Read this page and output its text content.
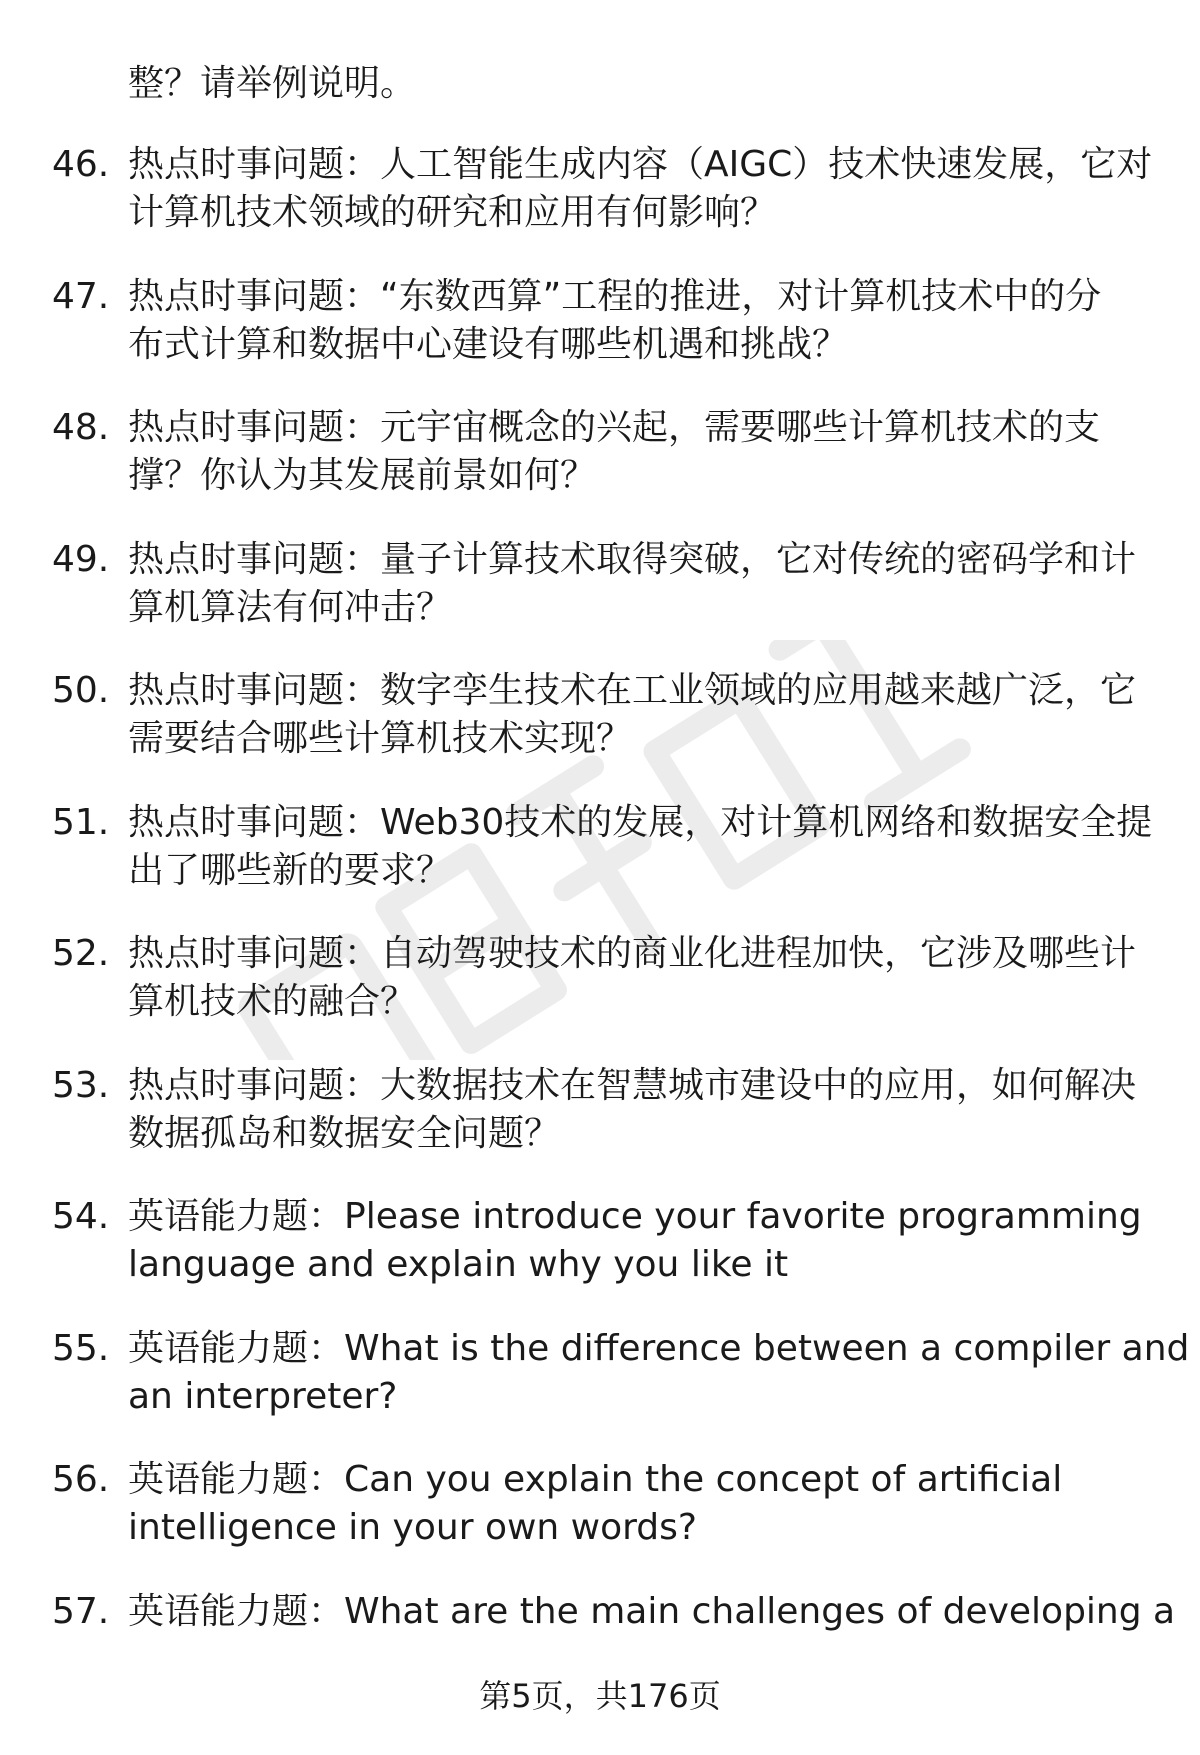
整？请举例说明。
46. 热点时事问题：人工智能生成内容（AIGC）技术快速发展，它对
计算机技术领域的研究和应用有何影响？
47. 热点时事问题：“东数西算”工程的推进，对计算机技术中的分
布式计算和数据中心建设有哪些机遇和挑战？
48. 热点时事问题：元宇宙概念的兴起，需要哪些计算机技术的支
撑？你认为其发展前景如何？
49. 热点时事问题：量子计算技术取得突破，它对传统的密码学和计
算机算法有何冲击？
50. 热点时事问题：数字孪生技术在工业领域的应用越来越广泛，它
需要结合哪些计算机技术实现？
51. 热点时事问题：Web30技术的发展，对计算机网络和数据安全提
出了哪些新的要求？
52. 热点时事问题：自动驾驶技术的商业化进程加快，它涉及哪些计
算机技术的融合？
53. 热点时事问题：大数据技术在智慧城市建设中的应用，如何解决
数据孤岛和数据安全问题？
54. 英语能力题：Please introduce your favorite programming
language and explain why you like it
55. 英语能力题：What is the difference between a compiler and
an interpreter?
56. 英语能力题：Can you explain the concept of artificial
intelligence in your own words?
57. 英语能力题：What are the main challenges of developing a
第5页，共176页
